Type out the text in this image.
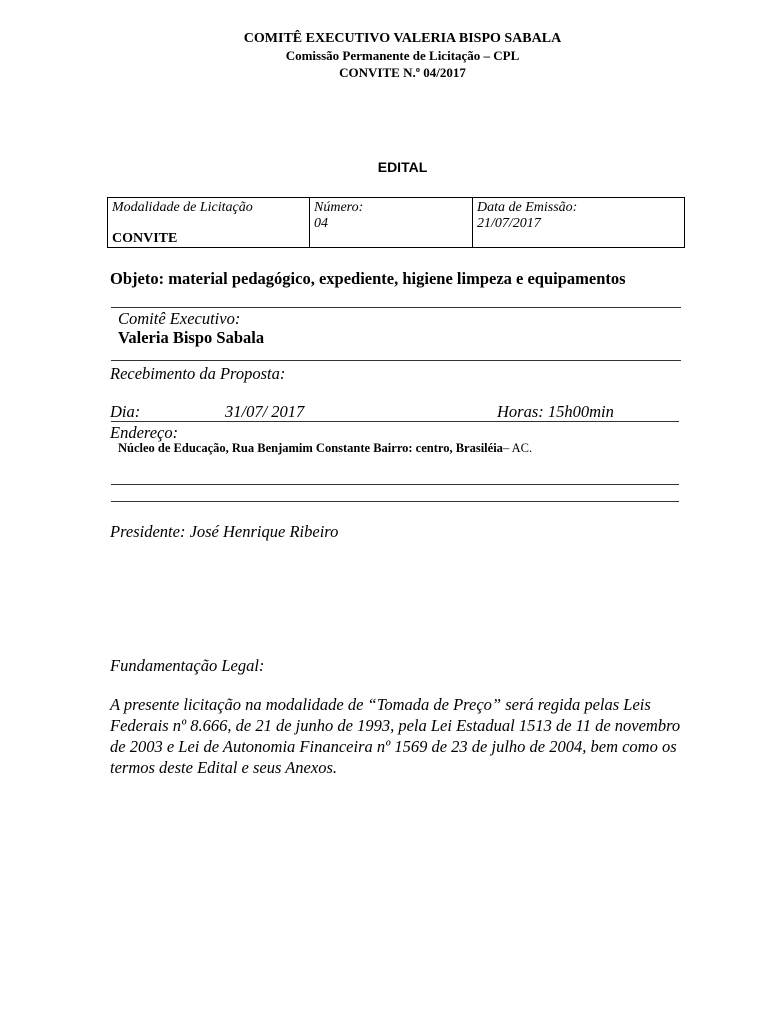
COMITÊ EXECUTIVO VALERIA BISPO SABALA
Comissão Permanente de Licitação – CPL
CONVITE N.º 04/2017
EDITAL
Modalidade de Licitação
CONVITE
Número:
04
Data de Emissão:
21/07/2017
Objeto: material pedagógico, expediente, higiene limpeza e equipamentos
Comitê Executivo:
Valeria Bispo Sabala
Recebimento da Proposta:
Dia:	31/07/ 2017	Horas: 15h00min
Endereço:
Núcleo de Educação, Rua Benjamim Constante Bairro: centro, Brasiléia– AC.
Presidente: José Henrique Ribeiro
Fundamentação Legal:
A presente licitação na modalidade de “Tomada de Preço” será regida pelas Leis Federais nº 8.666, de 21 de junho de 1993, pela Lei Estadual 1513 de 11 de novembro de 2003 e Lei de Autonomia Financeira nº 1569 de 23 de julho de 2004, bem como os termos deste Edital e seus Anexos.
